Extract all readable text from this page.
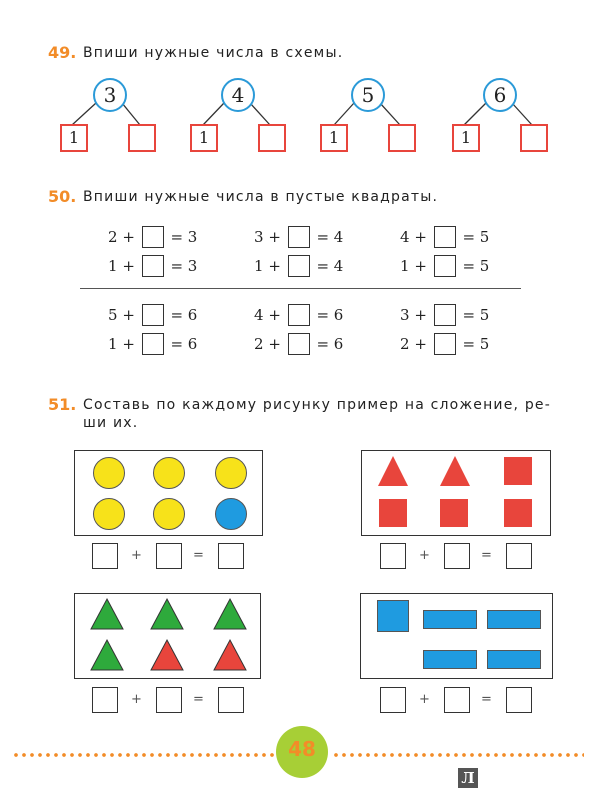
49. Впиши нужные числа в схемы.
3
1
4
1
5
1
6
1
50. Впиши нужные числа в пустые квадраты.
2 +  = 3	3 +  = 4	4 +  = 5
1 +  = 3	1 +  = 4	1 +  = 5
5 +  = 6	4 +  = 6	3 +  = 5
1 +  = 6	2 +  = 6	2 +  = 5
51. Составь по каждому рисунку пример на сложение, ре-
ши их.
+	=	+	=
+	=	+	=
48
Л
